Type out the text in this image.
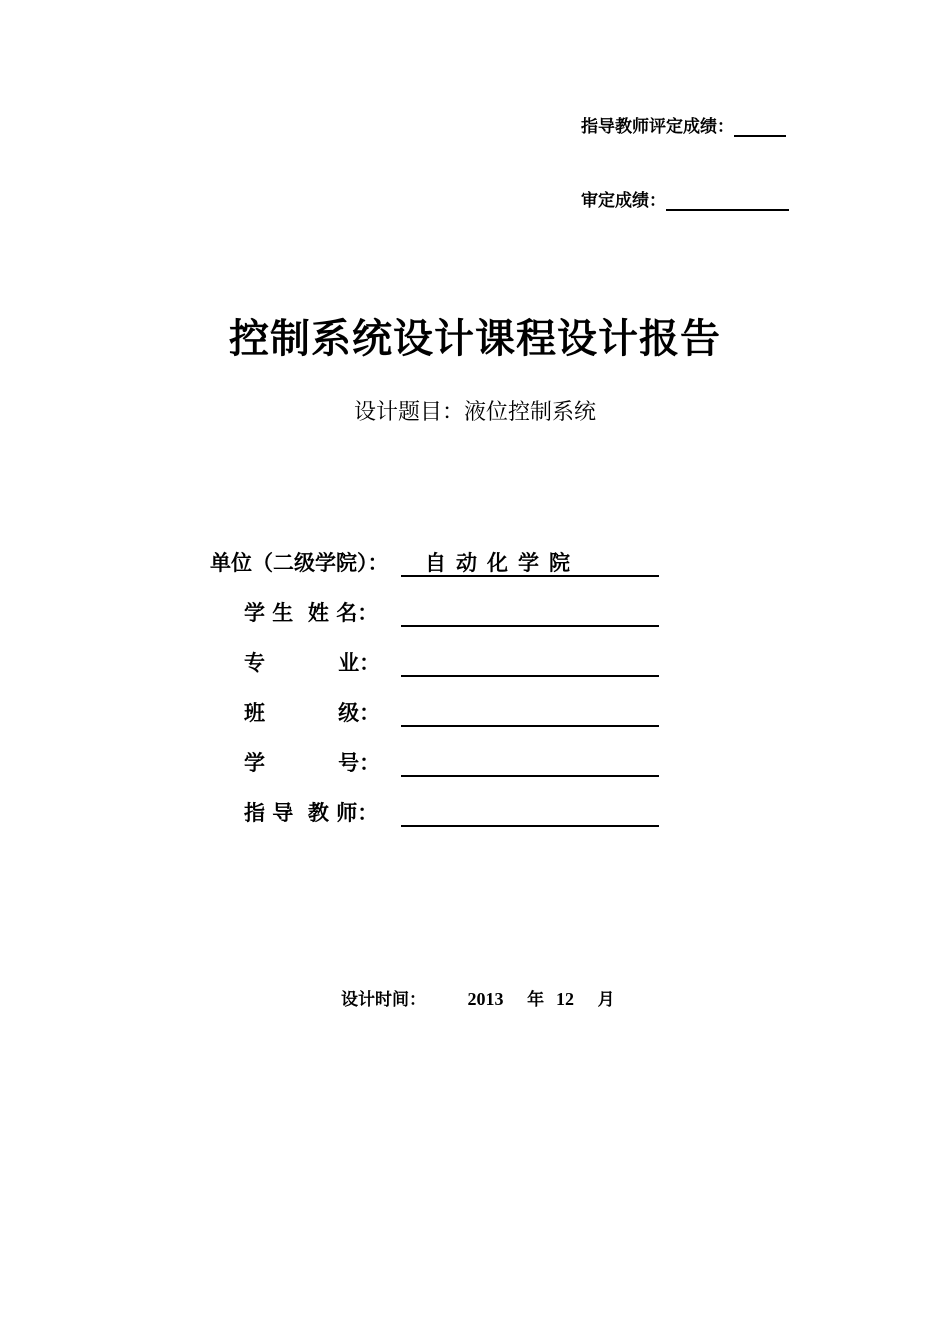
指导教师评定成绩：
审定成绩：
控制系统设计课程设计报告
设计题目：液位控制系统
单位（二级学院）： 自动化学院
学 生  姓 名：
专          业：
班          级：
学          号：
指 导  教 师：
设计时间： 2013 年 12 月
